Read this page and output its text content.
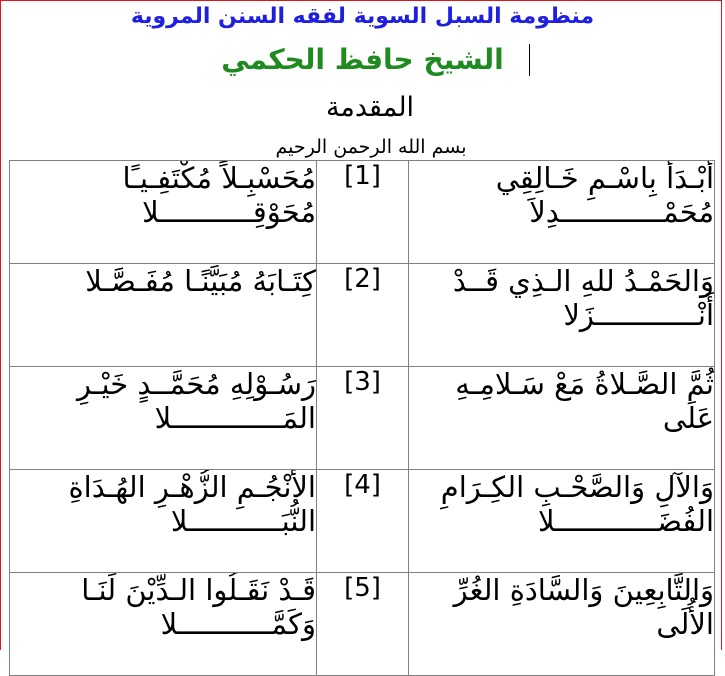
منظومة السبل السوية لفقه السنن المروية
الشيخ حافظ الحكمي
المقدمة
بسم الله الرحمن الرحيم
مُحَسْبِـلاً مُكْتَفِـيـًا مُحَوْقِـــــــــــلا	[1]	أَبْـدَأُ بِاسْـمِ خَـالِقِي مُحَمْــــــــــــدِلاَ
كِتَـابَهُ مُبَيَّنًـا مُفَـصَّـلا	[2]	وَالحَمْـدُ للهِ الـذِي قَــدْ أَنْــــــــــــزَلا
رَسُـوْلِهِ مُحَمَّــدٍ خَيْـرِ المَـــــــــــــلا	[3]	ثُمَّ الصَّـلاةُ مَعْ سَـلامِـهِ عَلَى
الأَنْجُـمِ الزُّهْـرِ الهُـدَاةِ النُّبَـــــــــــلا	[4]	وَالآلِ وَالصَّحْـبِ الكِـرَامِ الفُضَــــــــــــلا
قَـدْ نَقَـلُوا الـدِّيْنَ لَنَـا وَكَمَّـــــــــــلا	[5]	وَالتَّابِعِينَ وَالسَّادَةِ الغُرِّ الأُلَى
